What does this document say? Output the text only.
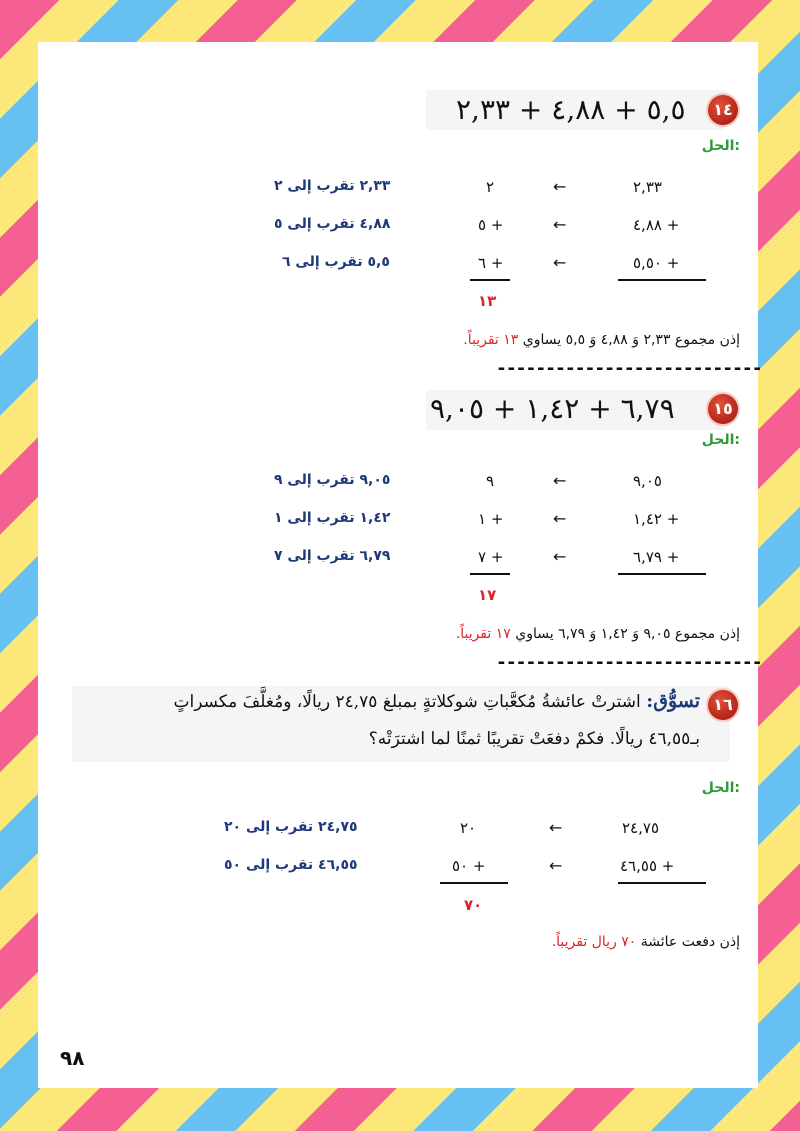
٥,٥ + ٤,٨٨ + ٢,٣٣	١٤
الحل:
٢,٣٣
←
٢
٢,٣٣ تقرب إلى ٢
٤,٨٨ +
←
٥ +
٤,٨٨ تقرب إلى ٥
٥,٥٠ +
←
٦ +
٥,٥ تقرب إلى ٦
١٣
إذن مجموع ٢,٣٣ وَ ٤,٨٨ وَ ٥,٥ يساوي ١٣ تقريباً.
---------------------------
٦,٧٩ + ١,٤٢ + ٩,٠٥	١٥
الحل:
٩,٠٥
←
٩
٩,٠٥ تقرب إلى ٩
١,٤٢ +
←
١ +
١,٤٢ تقرب إلى ١
٦,٧٩ +
←
٧ +
٦,٧٩ تقرب إلى ٧
١٧
إذن مجموع ٩,٠٥ وَ ١,٤٢ وَ ٦,٧٩ يساوي ١٧ تقريباً.
---------------------------
١٦
تسوُّق: اشترتْ عائشةُ مُكعَّباتِ شوكلاتةٍ بمبلغ ٢٤,٧٥ ريالًا، ومُغلَّفَ مكسراتٍ
بـ٤٦,٥٥ ريالًا. فكمْ دفعَتْ تقريبًا ثمنًا لما اشترَتْه؟
الحل:
٢٤,٧٥
←
٢٠
٢٤,٧٥ تقرب إلى ٢٠
٤٦,٥٥ +
←
٥٠ +
٤٦,٥٥ تقرب إلى ٥٠
٧٠
إذن دفعت عائشة ٧٠ ريال تقريباً.
٩٨
